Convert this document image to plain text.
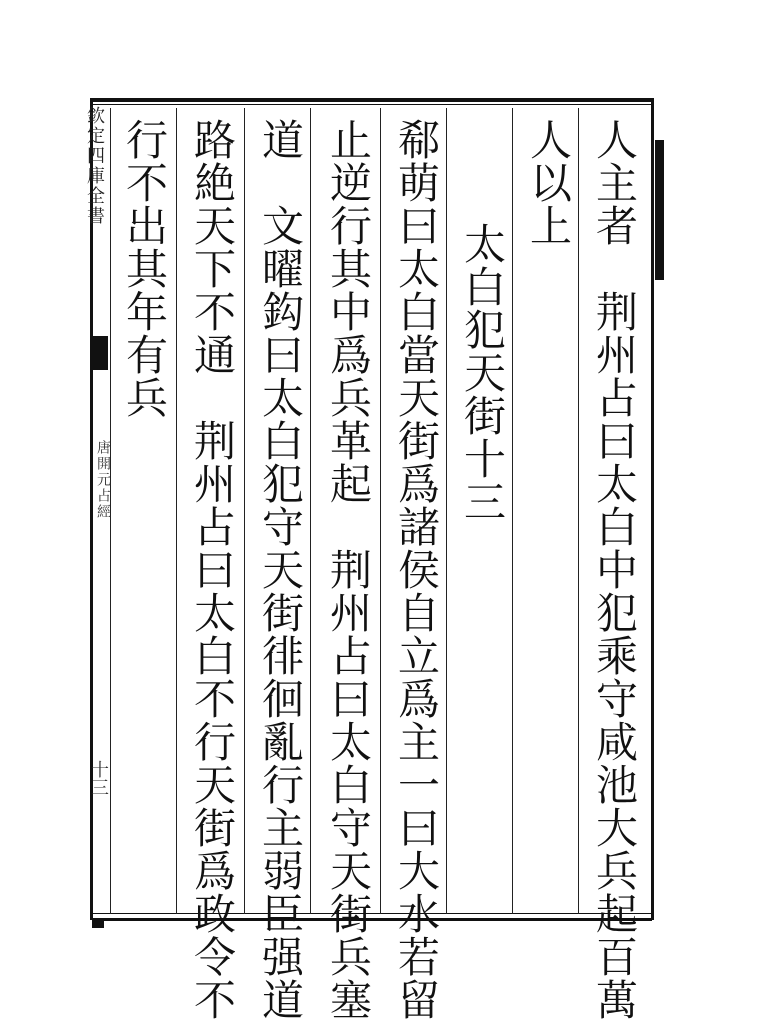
人主者　荆州占曰太白中犯乘守咸池大兵起百萬
人以上
太白犯天街十三
郗萌曰太白當天街爲諸侯自立爲主一曰大水若留
止逆行其中爲兵革起　荆州占曰太白守天街兵塞
道　文曜鈎曰太白犯守天街徘徊亂行主弱臣强道
路絶天下不通　荆州占曰太白不行天街爲政令不
行不出其年有兵
欽定四庫全書
唐開元占經
十三
